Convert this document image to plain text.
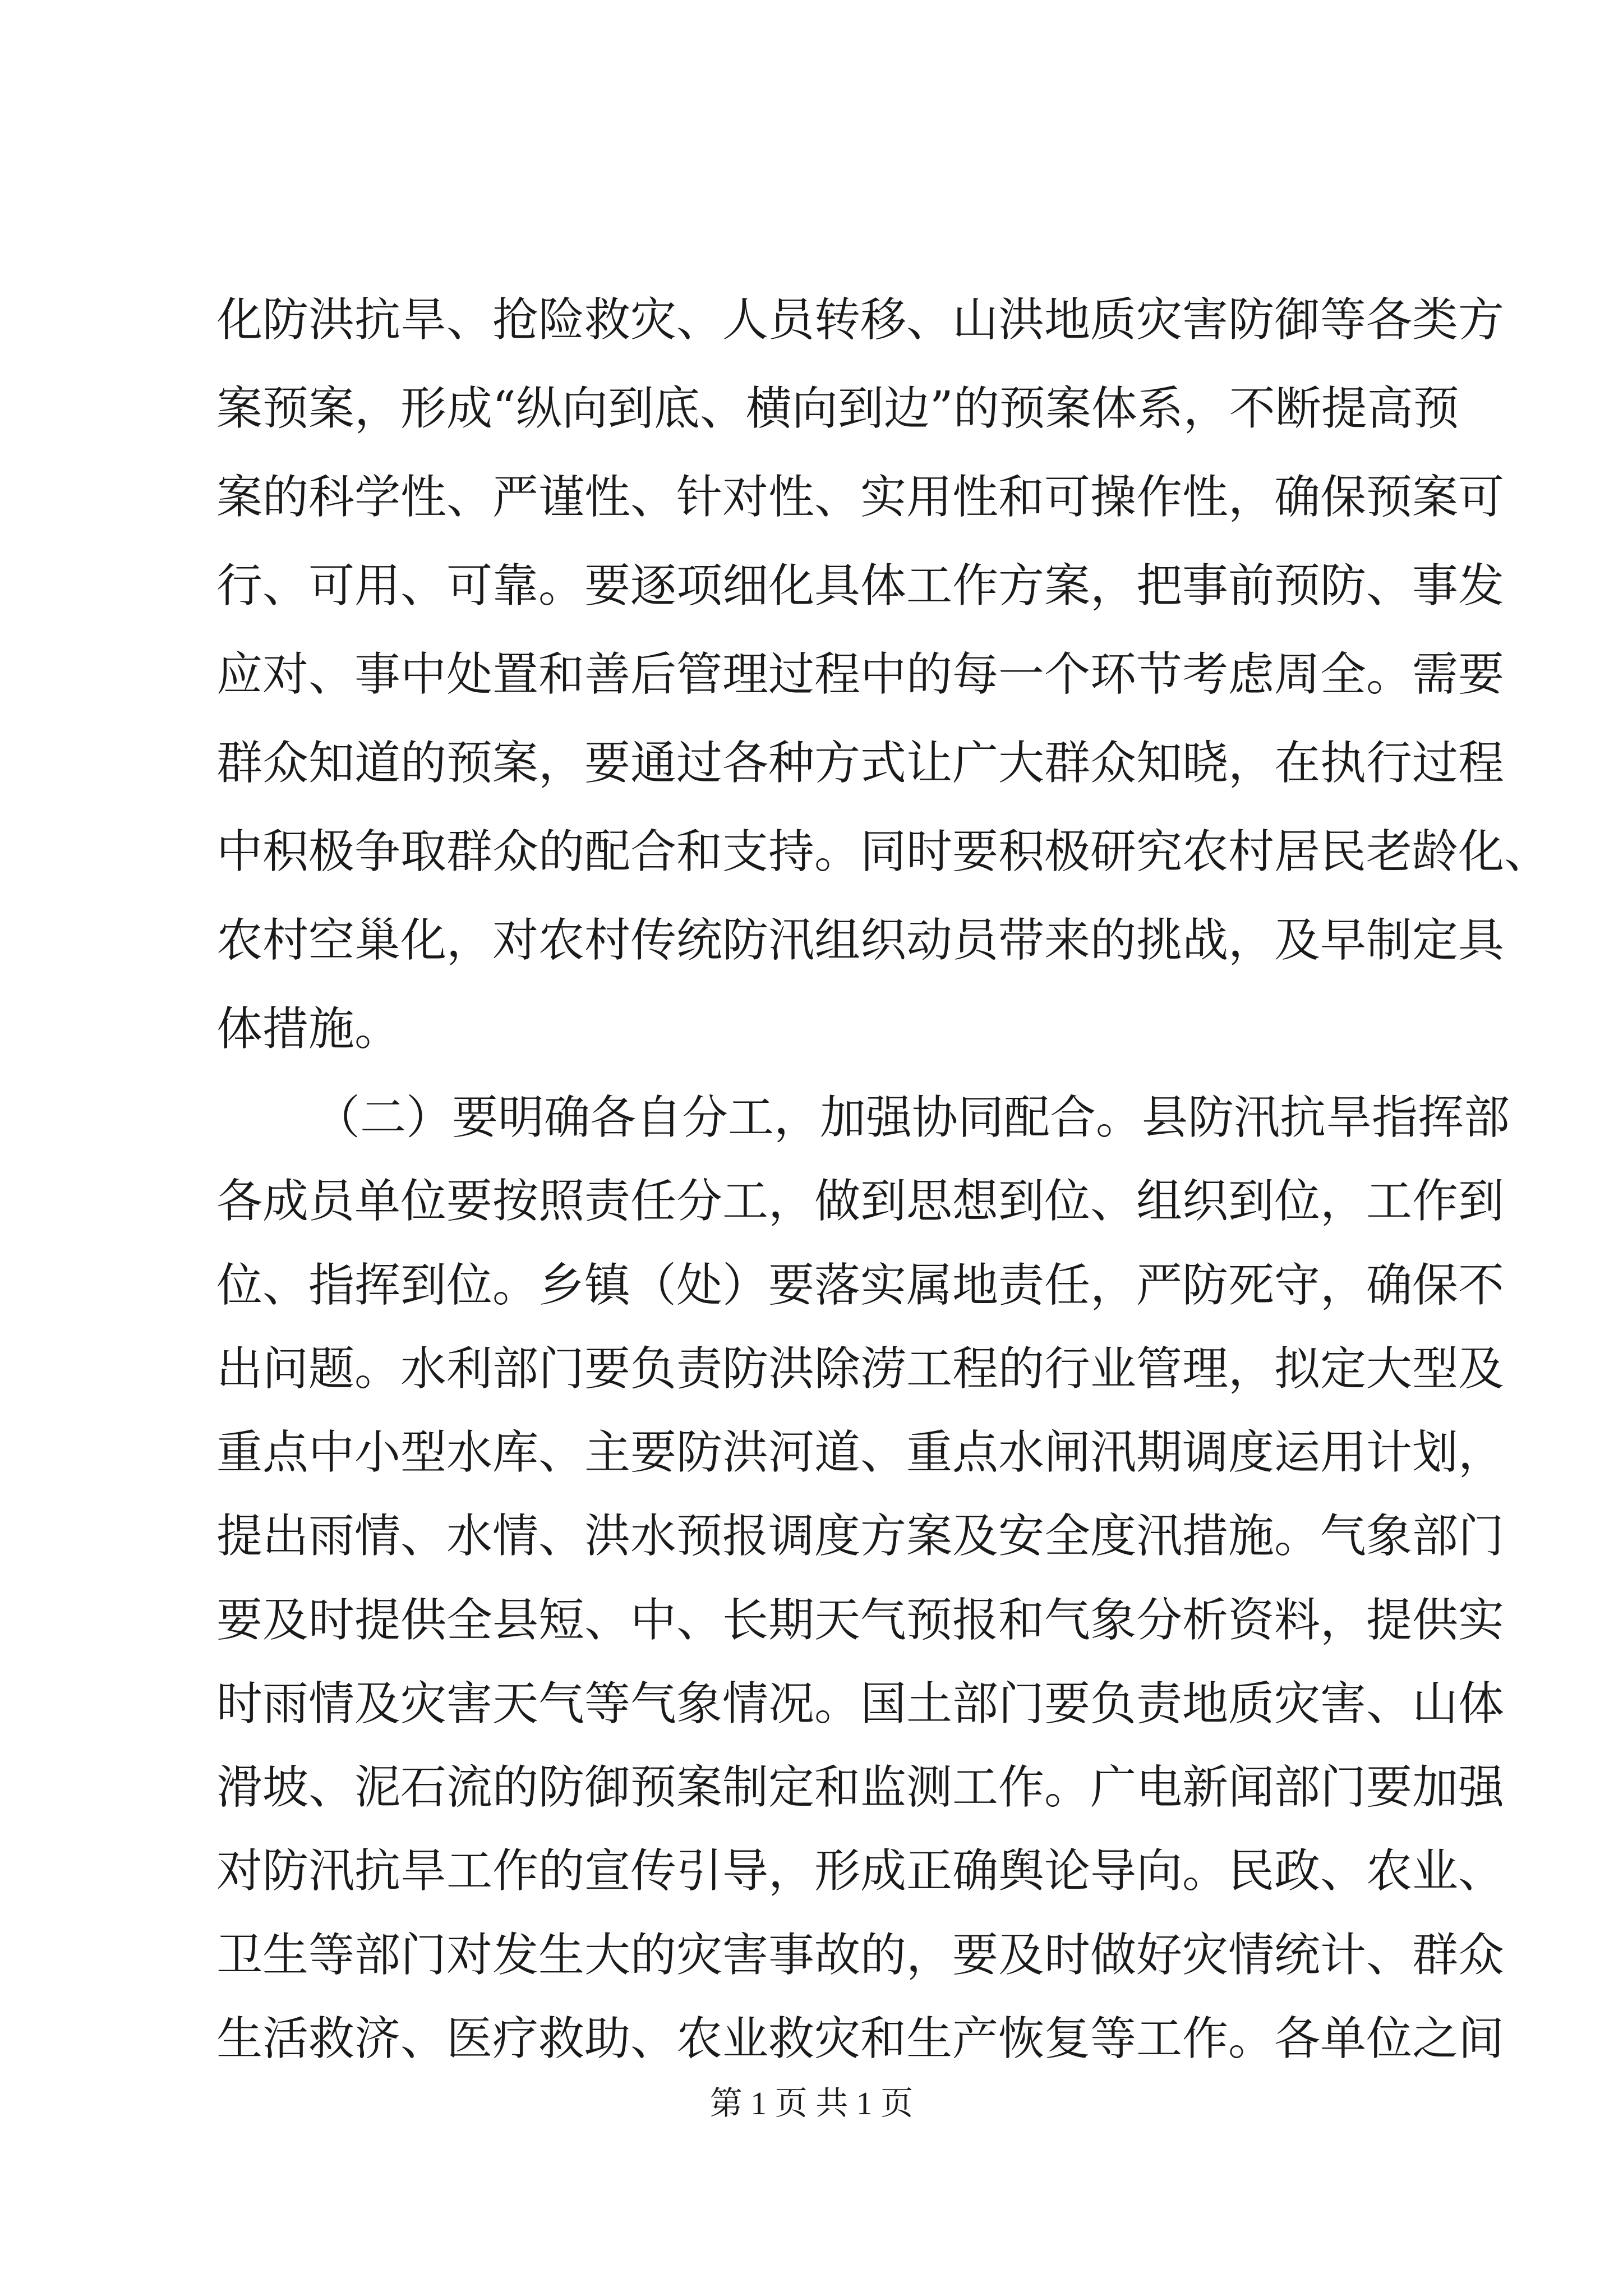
化防洪抗旱、抢险救灾、人员转移、山洪地质灾害防御等各类方
案预案，形成“纵向到底、横向到边”的预案体系，不断提高预
案的科学性、严谨性、针对性、实用性和可操作性，确保预案可
行、可用、可靠。要逐项细化具体工作方案，把事前预防、事发
应对、事中处置和善后管理过程中的每一个环节考虑周全。需要
群众知道的预案，要通过各种方式让广大群众知晓，在执行过程
中积极争取群众的配合和支持。同时要积极研究农村居民老龄化、
农村空巢化，对农村传统防汛组织动员带来的挑战，及早制定具
体措施。
（二）要明确各自分工，加强协同配合。县防汛抗旱指挥部
各成员单位要按照责任分工，做到思想到位、组织到位，工作到
位、指挥到位。乡镇（处）要落实属地责任，严防死守，确保不
出问题。水利部门要负责防洪除涝工程的行业管理，拟定大型及
重点中小型水库、主要防洪河道、重点水闸汛期调度运用计划，
提出雨情、水情、洪水预报调度方案及安全度汛措施。气象部门
要及时提供全县短、中、长期天气预报和气象分析资料，提供实
时雨情及灾害天气等气象情况。国土部门要负责地质灾害、山体
滑坡、泥石流的防御预案制定和监测工作。广电新闻部门要加强
对防汛抗旱工作的宣传引导，形成正确舆论导向。民政、农业、
卫生等部门对发生大的灾害事故的，要及时做好灾情统计、群众
生活救济、医疗救助、农业救灾和生产恢复等工作。各单位之间
第 1 页 共 1 页
